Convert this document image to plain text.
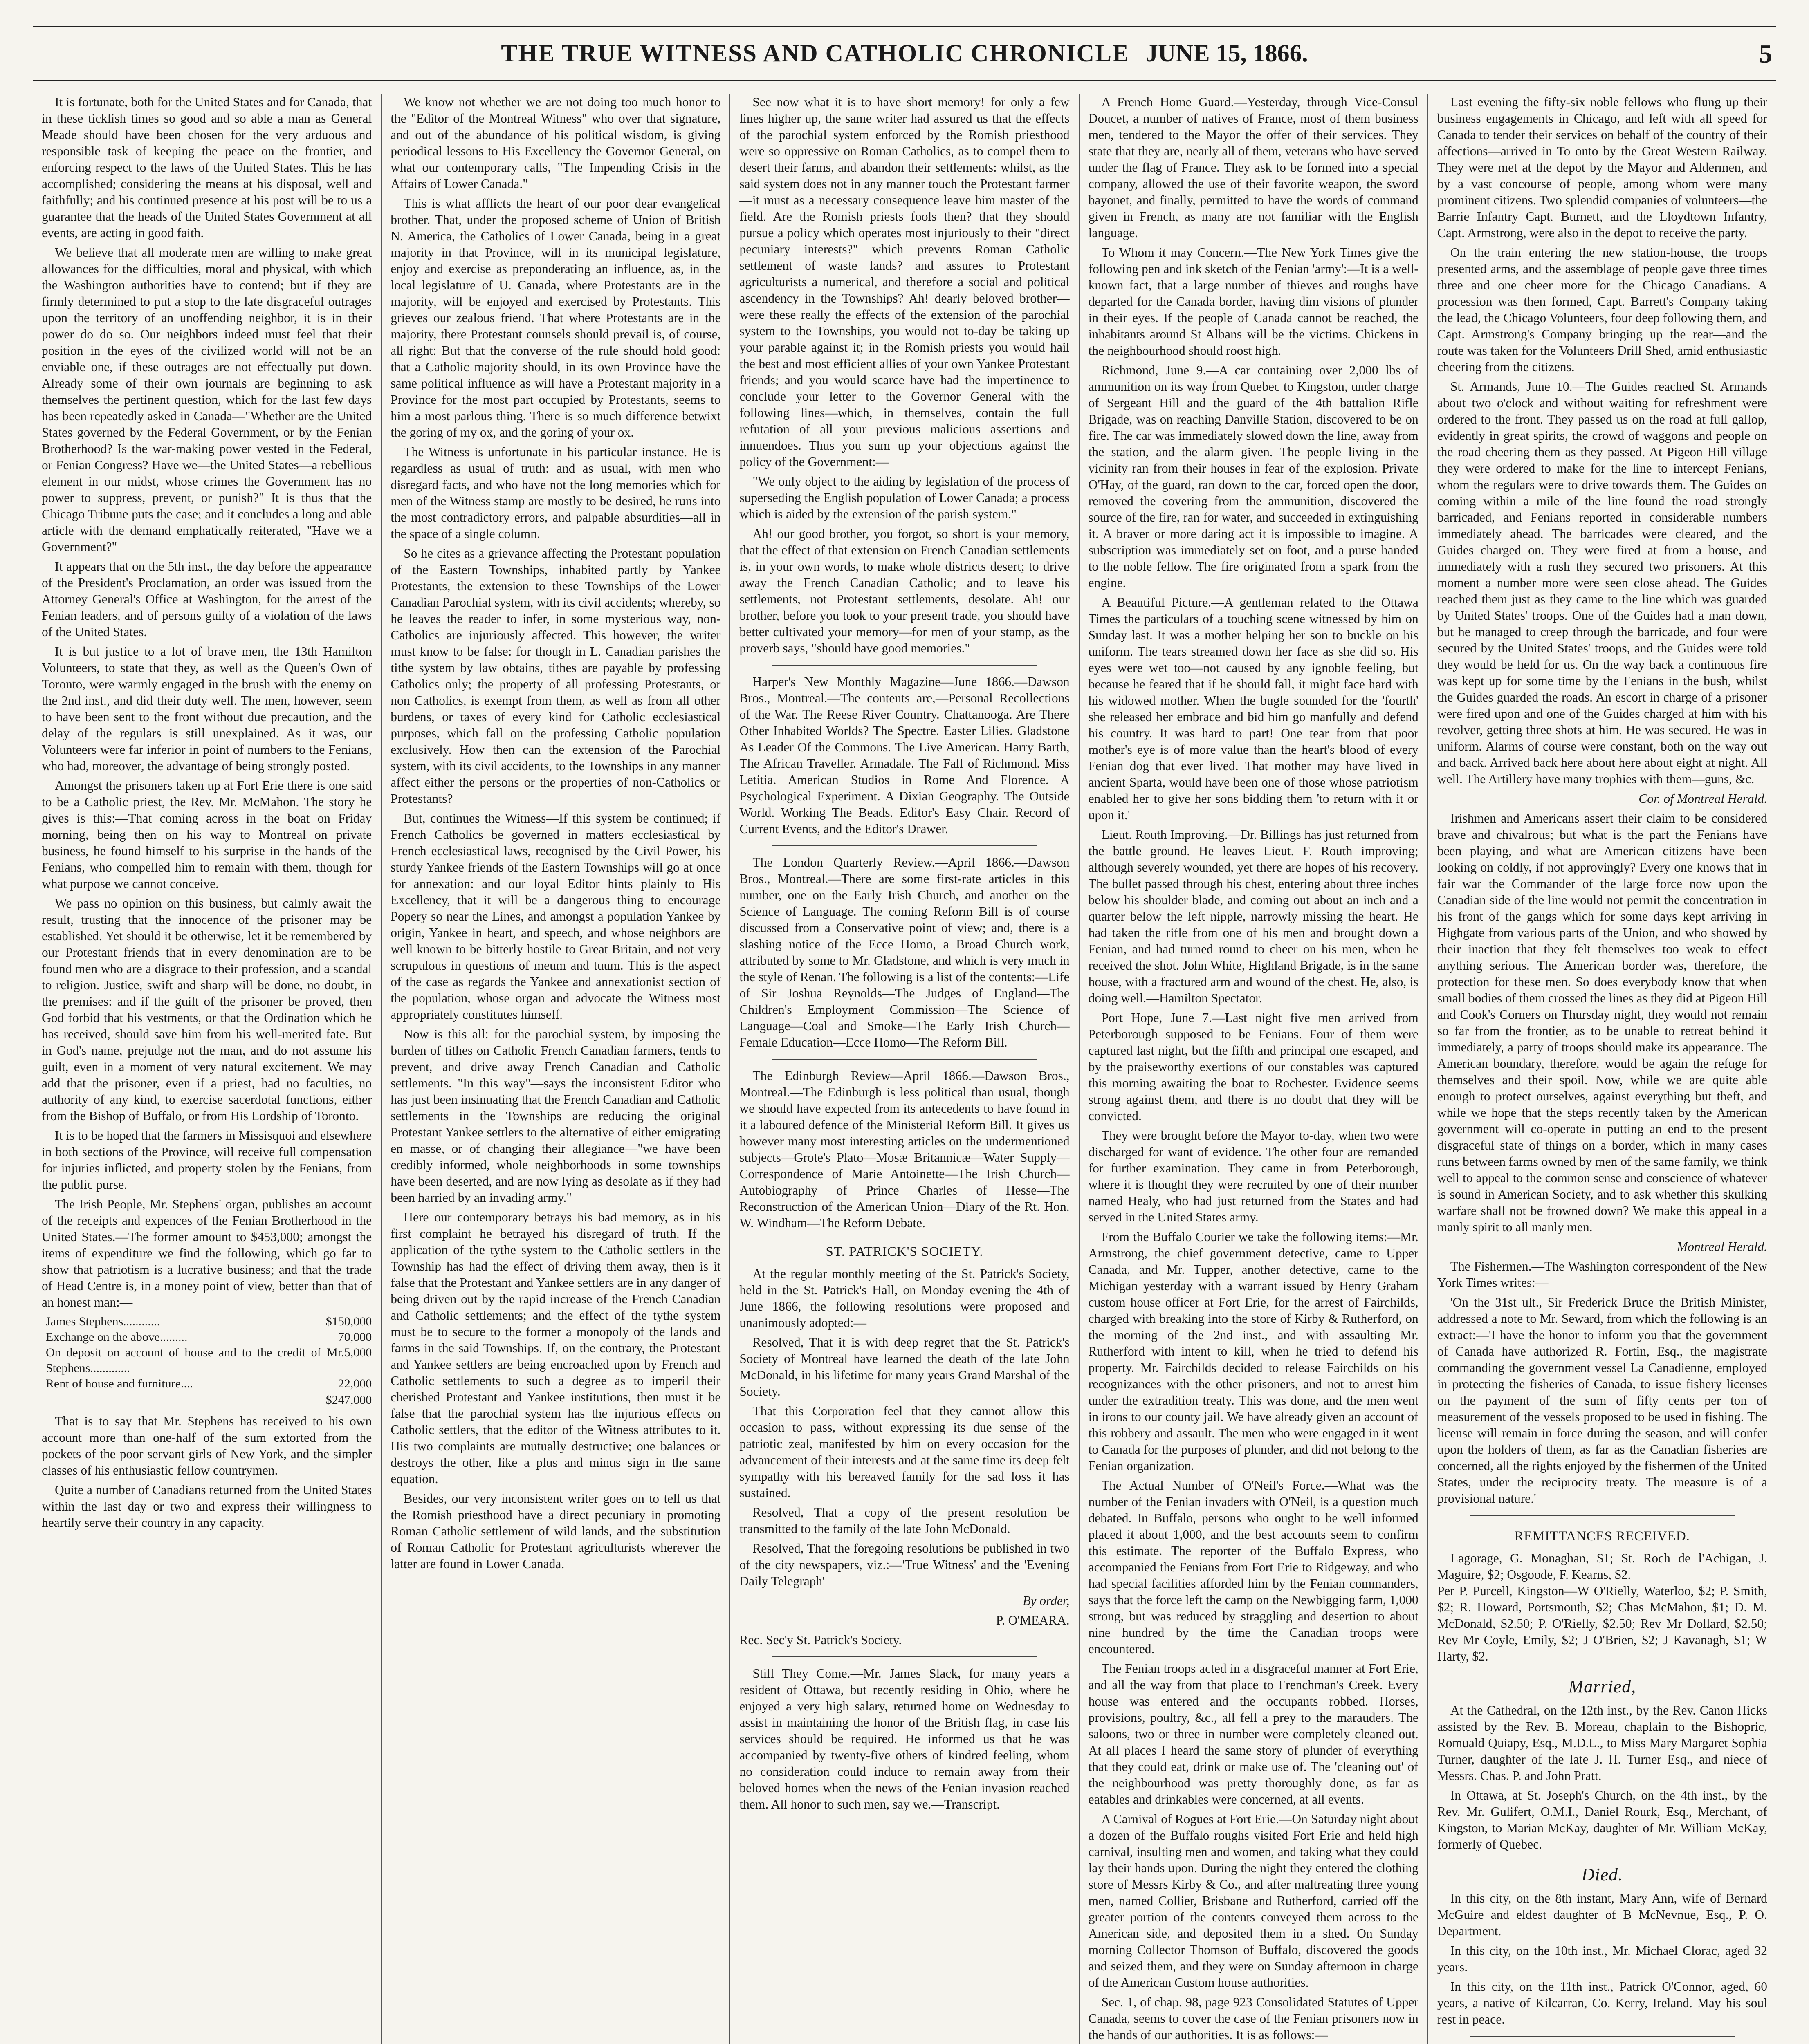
THE TRUE WITNESS AND CATHOLIC CHRONICLE JUNE 15, 1866.	5

It is fortunate, both for the United States and for Canada, that in these ticklish times so good and so able a man as General Meade should have been chosen for the very arduous and responsible task of keeping the peace on the frontier, and enforcing respect to the laws of the United States. This he has accomplished; considering the means at his disposal, well and faithfully; and his continued presence at his post will be to us a guarantee that the heads of the United States Government at all events, are acting in good faith.

We believe that all moderate men are willing to make great allowances for the difficulties, moral and physical, with which the Washington authorities have to contend; but if they are firmly determined to put a stop to the late disgraceful outrages upon the territory of an unoffending neighbor, it is in their power do do so. Our neighbors indeed must feel that their position in the eyes of the civilized world will not be an enviable one, if these outrages are not effectually put down. Already some of their own journals are beginning to ask themselves the pertinent question, which for the last few days has been repeatedly asked in Canada—"Whether are the United States governed by the Federal Government, or by the Fenian Brotherhood? Is the war-making power vested in the Federal, or Fenian Congress? Have we—the United States—a rebellious element in our midst, whose crimes the Government has no power to suppress, prevent, or punish?" It is thus that the Chicago Tribune puts the case; and it concludes a long and able article with the demand emphatically reiterated, "Have we a Government?"

It appears that on the 5th inst., the day before the appearance of the President's Proclamation, an order was issued from the Attorney General's Office at Washington, for the arrest of the Fenian leaders, and of persons guilty of a violation of the laws of the United States.

It is but justice to a lot of brave men, the 13th Hamilton Volunteers, to state that they, as well as the Queen's Own of Toronto, were warmly engaged in the brush with the enemy on the 2nd inst., and did their duty well. The men, however, seem to have been sent to the front without due precaution, and the delay of the regulars is still unexplained. As it was, our Volunteers were far inferior in point of numbers to the Fenians, who had, moreover, the advantage of being strongly posted.

Amongst the prisoners taken up at Fort Erie there is one said to be a Catholic priest, the Rev. Mr. McMahon. The story he gives is this:—That coming across in the boat on Friday morning, being then on his way to Montreal on private business, he found himself to his surprise in the hands of the Fenians, who compelled him to remain with them, though for what purpose we cannot conceive.

We pass no opinion on this business, but calmly await the result, trusting that the innocence of the prisoner may be established. Yet should it be otherwise, let it be remembered by our Protestant friends that in every denomination are to be found men who are a disgrace to their profession, and a scandal to religion. Justice, swift and sharp will be done, no doubt, in the premises: and if the guilt of the prisoner be proved, then God forbid that his vestments, or that the Ordination which he has received, should save him from his well-merited fate. But in God's name, prejudge not the man, and do not assume his guilt, even in a moment of very natural excitement. We may add that the prisoner, even if a priest, had no faculties, no authority of any kind, to exercise sacerdotal functions, either from the Bishop of Buffalo, or from His Lordship of Toronto.

It is to be hoped that the farmers in Missisquoi and elsewhere in both sections of the Province, will receive full compensation for injuries inflicted, and property stolen by the Fenians, from the public purse.

The Irish People, Mr. Stephens' organ, publishes an account of the receipts and expences of the Fenian Brotherhood in the United States.—The former amount to $453,000; amongst the items of expenditure we find the following, which go far to show that patriotism is a lucrative business; and that the trade of Head Centre is, in a money point of view, better than that of an honest man:—

James Stephens............	$150,000
Exchange on the above.........	70,000
On deposit on account of house and to the credit of Mr. Stephens.............
5,000
Rent of house and furniture....	22,000
$247,000

That is to say that Mr. Stephens has received to his own account more than one-half of the sum extorted from the pockets of the poor servant girls of New York, and the simpler classes of his enthusiastic fellow countrymen.

Quite a number of Canadians returned from the United States within the last day or two and express their willingness to heartily serve their country in any capacity.

We know not whether we are not doing too much honor to the "Editor of the Montreal Witness" who over that signature, and out of the abundance of his political wisdom, is giving periodical lessons to His Excellency the Governor General, on what our contemporary calls, "The Impending Crisis in the Affairs of Lower Canada."

This is what afflicts the heart of our poor dear evangelical brother. That, under the proposed scheme of Union of British N. America, the Catholics of Lower Canada, being in a great majority in that Province, will in its municipal legislature, enjoy and exercise as preponderating an influence, as, in the local legislature of U. Canada, where Protestants are in the majority, will be enjoyed and exercised by Protestants. This grieves our zealous friend. That where Protestants are in the majority, there Protestant counsels should prevail is, of course, all right: But that the converse of the rule should hold good: that a Catholic majority should, in its own Province have the same political influence as will have a Protestant majority in a Province for the most part occupied by Protestants, seems to him a most parlous thing. There is so much difference betwixt the goring of my ox, and the goring of your ox.

The Witness is unfortunate in his particular instance. He is regardless as usual of truth: and as usual, with men who disregard facts, and who have not the long memories which for men of the Witness stamp are mostly to be desired, he runs into the most contradictory errors, and palpable absurdities—all in the space of a single column.

So he cites as a grievance affecting the Protestant population of the Eastern Townships, inhabited partly by Yankee Protestants, the extension to these Townships of the Lower Canadian Parochial system, with its civil accidents; whereby, so he leaves the reader to infer, in some mysterious way, non-Catholics are injuriously affected. This however, the writer must know to be false: for though in L. Canadian parishes the tithe system by law obtains, tithes are payable by professing Catholics only; the property of all professing Protestants, or non Catholics, is exempt from them, as well as from all other burdens, or taxes of every kind for Catholic ecclesiastical purposes, which fall on the professing Catholic population exclusively. How then can the extension of the Parochial system, with its civil accidents, to the Townships in any manner affect either the persons or the properties of non-Catholics or Protestants?

But, continues the Witness—If this system be continued; if French Catholics be governed in matters ecclesiastical by French ecclesiastical laws, recognised by the Civil Power, his sturdy Yankee friends of the Eastern Townships will go at once for annexation: and our loyal Editor hints plainly to His Excellency, that it will be a dangerous thing to encourage Popery so near the Lines, and amongst a population Yankee by origin, Yankee in heart, and speech, and whose neighbors are well known to be bitterly hostile to Great Britain, and not very scrupulous in questions of meum and tuum. This is the aspect of the case as regards the Yankee and annexationist section of the population, whose organ and advocate the Witness most appropriately constitutes himself.

Now is this all: for the parochial system, by imposing the burden of tithes on Catholic French Canadian farmers, tends to prevent, and drive away French Canadian and Catholic settlements. "In this way"—says the inconsistent Editor who has just been insinuating that the French Canadian and Catholic settlements in the Townships are reducing the original Protestant Yankee settlers to the alternative of either emigrating en masse, or of changing their allegiance—"we have been credibly informed, whole neighborhoods in some townships have been deserted, and are now lying as desolate as if they had been harried by an invading army."

Here our contemporary betrays his bad memory, as in his first complaint he betrayed his disregard of truth. If the application of the tythe system to the Catholic settlers in the Township has had the effect of driving them away, then is it false that the Protestant and Yankee settlers are in any danger of being driven out by the rapid increase of the French Canadian and Catholic settlements; and the effect of the tythe system must be to secure to the former a monopoly of the lands and farms in the said Townships. If, on the contrary, the Protestant and Yankee settlers are being encroached upon by French and Catholic settlements to such a degree as to imperil their cherished Protestant and Yankee institutions, then must it be false that the parochial system has the injurious effects on Catholic settlers, that the editor of the Witness attributes to it. His two complaints are mutually destructive; one balances or destroys the other, like a plus and minus sign in the same equation.

Besides, our very inconsistent writer goes on to tell us that the Romish priesthood have a direct pecuniary in promoting Roman Catholic settlement of wild lands, and the substitution of Roman Catholic for Protestant agriculturists wherever the latter are found in Lower Canada.

See now what it is to have short memory! for only a few lines higher up, the same writer had assured us that the effects of the parochial system enforced by the Romish priesthood were so oppressive on Roman Catholics, as to compel them to desert their farms, and abandon their settlements: whilst, as the said system does not in any manner touch the Protestant farmer—it must as a necessary consequence leave him master of the field. Are the Romish priests fools then? that they should pursue a policy which operates most injuriously to their "direct pecuniary interests?" which prevents Roman Catholic settlement of waste lands? and assures to Protestant agriculturists a numerical, and therefore a social and political ascendency in the Townships? Ah! dearly beloved brother—were these really the effects of the extension of the parochial system to the Townships, you would not to-day be taking up your parable against it; in the Romish priests you would hail the best and most efficient allies of your own Yankee Protestant friends; and you would scarce have had the impertinence to conclude your letter to the Governor General with the following lines—which, in themselves, contain the full refutation of all your previous malicious assertions and innuendoes. Thus you sum up your objections against the policy of the Government:—

"We only object to the aiding by legislation of the process of superseding the English population of Lower Canada; a process which is aided by the extension of the parish system."

Ah! our good brother, you forgot, so short is your memory, that the effect of that extension on French Canadian settlements is, in your own words, to make whole districts desert; to drive away the French Canadian Catholic; and to leave his settlements, not Protestant settlements, desolate. Ah! our brother, before you took to your present trade, you should have better cultivated your memory—for men of your stamp, as the proverb says, "should have good memories."

Harper's New Monthly Magazine—June 1866.—Dawson Bros., Montreal.—The contents are,—Personal Recollections of the War. The Reese River Country. Chattanooga. Are There Other Inhabited Worlds? The Spectre. Easter Lilies. Gladstone As Leader Of the Commons. The Live American. Harry Barth, The African Traveller. Armadale. The Fall of Richmond. Miss Letitia. American Studios in Rome And Florence. A Psychological Experiment. A Dixian Geography. The Outside World. Working The Beads. Editor's Easy Chair. Record of Current Events, and the Editor's Drawer.

The London Quarterly Review.—April 1866.—Dawson Bros., Montreal.—There are some first-rate articles in this number, one on the Early Irish Church, and another on the Science of Language. The coming Reform Bill is of course discussed from a Conservative point of view; and, there is a slashing notice of the Ecce Homo, a Broad Church work, attributed by some to Mr. Gladstone, and which is very much in the style of Renan. The following is a list of the contents:—Life of Sir Joshua Reynolds—The Judges of England—The Children's Employment Commission—The Science of Language—Coal and Smoke—The Early Irish Church—Female Education—Ecce Homo—The Reform Bill.

The Edinburgh Review—April 1866.—Dawson Bros., Montreal.—The Edinburgh is less political than usual, though we should have expected from its antecedents to have found in it a laboured defence of the Ministerial Reform Bill. It gives us however many most interesting articles on the undermentioned subjects—Grote's Plato—Mosæ Britannicæ—Water Supply—Correspondence of Marie Antoinette—The Irish Church—Autobiography of Prince Charles of Hesse—The Reconstruction of the American Union—Diary of the Rt. Hon. W. Windham—The Reform Debate.

ST. PATRICK'S SOCIETY.

At the regular monthly meeting of the St. Patrick's Society, held in the St. Patrick's Hall, on Monday evening the 4th of June 1866, the following resolutions were proposed and unanimously adopted:—

Resolved, That it is with deep regret that the St. Patrick's Society of Montreal have learned the death of the late John McDonald, in his lifetime for many years Grand Marshal of the Society.

That this Corporation feel that they cannot allow this occasion to pass, without expressing its due sense of the patriotic zeal, manifested by him on every occasion for the advancement of their interests and at the same time its deep felt sympathy with his bereaved family for the sad loss it has sustained.

Resolved, That a copy of the present resolution be transmitted to the family of the late John McDonald.

Resolved, That the foregoing resolutions be published in two of the city newspapers, viz.:—'True Witness' and the 'Evening Daily Telegraph'

By order,

P. O'MEARA.

Rec. Sec'y St. Patrick's Society.

Still They Come.—Mr. James Slack, for many years a resident of Ottawa, but recently residing in Ohio, where he enjoyed a very high salary, returned home on Wednesday to assist in maintaining the honor of the British flag, in case his services should be required. He informed us that he was accompanied by twenty-five others of kindred feeling, whom no consideration could induce to remain away from their beloved homes when the news of the Fenian invasion reached them. All honor to such men, say we.—Transcript.

A French Home Guard.—Yesterday, through Vice-Consul Doucet, a number of natives of France, most of them business men, tendered to the Mayor the offer of their services. They state that they are, nearly all of them, veterans who have served under the flag of France. They ask to be formed into a special company, allowed the use of their favorite weapon, the sword bayonet, and finally, permitted to have the words of command given in French, as many are not familiar with the English language.

To Whom it may Concern.—The New York Times give the following pen and ink sketch of the Fenian 'army':—It is a well-known fact, that a large number of thieves and roughs have departed for the Canada border, having dim visions of plunder in their eyes. If the people of Canada cannot be reached, the inhabitants around St Albans will be the victims. Chickens in the neighbourhood should roost high.

Richmond, June 9.—A car containing over 2,000 lbs of ammunition on its way from Quebec to Kingston, under charge of Sergeant Hill and the guard of the 4th battalion Rifle Brigade, was on reaching Danville Station, discovered to be on fire. The car was immediately slowed down the line, away from the station, and the alarm given. The people living in the vicinity ran from their houses in fear of the explosion. Private O'Hay, of the guard, ran down to the car, forced open the door, removed the covering from the ammunition, discovered the source of the fire, ran for water, and succeeded in extinguishing it. A braver or more daring act it is impossible to imagine. A subscription was immediately set on foot, and a purse handed to the noble fellow. The fire originated from a spark from the engine.

A Beautiful Picture.—A gentleman related to the Ottawa Times the particulars of a touching scene witnessed by him on Sunday last. It was a mother helping her son to buckle on his uniform. The tears streamed down her face as she did so. His eyes were wet too—not caused by any ignoble feeling, but because he feared that if he should fall, it might face hard with his widowed mother. When the bugle sounded for the 'fourth' she released her embrace and bid him go manfully and defend his country. It was hard to part! One tear from that poor mother's eye is of more value than the heart's blood of every Fenian dog that ever lived. That mother may have lived in ancient Sparta, would have been one of those whose patriotism enabled her to give her sons bidding them 'to return with it or upon it.'

Lieut. Routh Improving.—Dr. Billings has just returned from the battle ground. He leaves Lieut. F. Routh improving; although severely wounded, yet there are hopes of his recovery. The bullet passed through his chest, entering about three inches below his shoulder blade, and coming out about an inch and a quarter below the left nipple, narrowly missing the heart. He had taken the rifle from one of his men and brought down a Fenian, and had turned round to cheer on his men, when he received the shot. John White, Highland Brigade, is in the same house, with a fractured arm and wound of the chest. He, also, is doing well.—Hamilton Spectator.

Port Hope, June 7.—Last night five men arrived from Peterborough supposed to be Fenians. Four of them were captured last night, but the fifth and principal one escaped, and by the praiseworthy exertions of our constables was captured this morning awaiting the boat to Rochester. Evidence seems strong against them, and there is no doubt that they will be convicted.

They were brought before the Mayor to-day, when two were discharged for want of evidence. The other four are remanded for further examination. They came in from Peterborough, where it is thought they were recruited by one of their number named Healy, who had just returned from the States and had served in the United States army.

From the Buffalo Courier we take the following items:—Mr. Armstrong, the chief government detective, came to Upper Canada, and Mr. Tupper, another detective, came to the Michigan yesterday with a warrant issued by Henry Graham custom house officer at Fort Erie, for the arrest of Fairchilds, charged with breaking into the store of Kirby & Rutherford, on the morning of the 2nd inst., and with assaulting Mr. Rutherford with intent to kill, when he tried to defend his property. Mr. Fairchilds decided to release Fairchilds on his recognizances with the other prisoners, and not to arrest him under the extradition treaty. This was done, and the men went in irons to our county jail. We have already given an account of this robbery and assault. The men who were engaged in it went to Canada for the purposes of plunder, and did not belong to the Fenian organization.

The Actual Number of O'Neil's Force.—What was the number of the Fenian invaders with O'Neil, is a question much debated. In Buffalo, persons who ought to be well informed placed it about 1,000, and the best accounts seem to confirm this estimate. The reporter of the Buffalo Express, who accompanied the Fenians from Fort Erie to Ridgeway, and who had special facilities afforded him by the Fenian commanders, says that the force left the camp on the Newbigging farm, 1,000 strong, but was reduced by straggling and desertion to about nine hundred by the time the Canadian troops were encountered.

The Fenian troops acted in a disgraceful manner at Fort Erie, and all the way from that place to Frenchman's Creek. Every house was entered and the occupants robbed. Horses, provisions, poultry, &c., all fell a prey to the marauders. The saloons, two or three in number were completely cleaned out. At all places I heard the same story of plunder of everything that they could eat, drink or make use of. The 'cleaning out' of the neighbourhood was pretty thoroughly done, as far as eatables and drinkables were concerned, at all events.

A Carnival of Rogues at Fort Erie.—On Saturday night about a dozen of the Buffalo roughs visited Fort Erie and held high carnival, insulting men and women, and taking what they could lay their hands upon. During the night they entered the clothing store of Messrs Kirby & Co., and after maltreating three young men, named Collier, Brisbane and Rutherford, carried off the greater portion of the contents conveyed them across to the American side, and deposited them in a shed. On Sunday morning Collector Thomson of Buffalo, discovered the goods and seized them, and they were on Sunday afternoon in charge of the American Custom house authorities.

Sec. 1, of chap. 98, page 923 Consolidated Statutes of Upper Canada, seems to cover the case of the Fenian prisoners now in the hands of our authorities. It is as follows:—

Last evening the fifty-six noble fellows who flung up their business engagements in Chicago, and left with all speed for Canada to tender their services on behalf of the country of their affections—arrived in To onto by the Great Western Railway. They were met at the depot by the Mayor and Aldermen, and by a vast concourse of people, among whom were many prominent citizens. Two splendid companies of volunteers—the Barrie Infantry Capt. Burnett, and the Lloydtown Infantry, Capt. Armstrong, were also in the depot to receive the party.

On the train entering the new station-house, the troops presented arms, and the assemblage of people gave three times three and one cheer more for the Chicago Canadians. A procession was then formed, Capt. Barrett's Company taking the lead, the Chicago Volunteers, four deep following them, and Capt. Armstrong's Company bringing up the rear—and the route was taken for the Volunteers Drill Shed, amid enthusiastic cheering from the citizens.

St. Armands, June 10.—The Guides reached St. Armands about two o'clock and without waiting for refreshment were ordered to the front. They passed us on the road at full gallop, evidently in great spirits, the crowd of waggons and people on the road cheering them as they passed. At Pigeon Hill village they were ordered to make for the line to intercept Fenians, whom the regulars were to drive towards them. The Guides on coming within a mile of the line found the road strongly barricaded, and Fenians reported in considerable numbers immediately ahead. The barricades were cleared, and the Guides charged on. They were fired at from a house, and immediately with a rush they secured two prisoners. At this moment a number more were seen close ahead. The Guides reached them just as they came to the line which was guarded by United States' troops. One of the Guides had a man down, but he managed to creep through the barricade, and four were secured by the United States' troops, and the Guides were told they would be held for us. On the way back a continuous fire was kept up for some time by the Fenians in the bush, whilst the Guides guarded the roads. An escort in charge of a prisoner were fired upon and one of the Guides charged at him with his revolver, getting three shots at him. He was secured. He was in uniform. Alarms of course were constant, both on the way out and back. Arrived back here about here about eight at night. All well. The Artillery have many trophies with them—guns, &c.

Cor. of Montreal Herald.

Irishmen and Americans assert their claim to be considered brave and chivalrous; but what is the part the Fenians have been playing, and what are American citizens have been looking on coldly, if not approvingly? Every one knows that in fair war the Commander of the large force now upon the Canadian side of the line would not permit the concentration in his front of the gangs which for some days kept arriving in Highgate from various parts of the Union, and who showed by their inaction that they felt themselves too weak to effect anything serious. The American border was, therefore, the protection for these men. So does everybody know that when small bodies of them crossed the lines as they did at Pigeon Hill and Cook's Corners on Thursday night, they would not remain so far from the frontier, as to be unable to retreat behind it immediately, a party of troops should make its appearance. The American boundary, therefore, would be again the refuge for themselves and their spoil. Now, while we are quite able enough to protect ourselves, against everything but theft, and while we hope that the steps recently taken by the American government will co-operate in putting an end to the present disgraceful state of things on a border, which in many cases runs between farms owned by men of the same family, we think well to appeal to the common sense and conscience of whatever is sound in American Society, and to ask whether this skulking warfare shall not be frowned down? We make this appeal in a manly spirit to all manly men.

Montreal Herald.

The Fishermen.—The Washington correspondent of the New York Times writes:—

'On the 31st ult., Sir Frederick Bruce the British Minister, addressed a note to Mr. Seward, from which the following is an extract:—'I have the honor to inform you that the government of Canada have authorized R. Fortin, Esq., the magistrate commanding the government vessel La Canadienne, employed in protecting the fisheries of Canada, to issue fishery licenses on the payment of the sum of fifty cents per ton of measurement of the vessels proposed to be used in fishing. The license will remain in force during the season, and will confer upon the holders of them, as far as the Canadian fisheries are concerned, all the rights enjoyed by the fishermen of the United States, under the reciprocity treaty. The measure is of a provisional nature.'

REMITTANCES RECEIVED.

Lagorage, G. Monaghan, $1; St. Roch de l'Achigan, J. Maguire, $2; Osgoode, F. Kearns, $2.
Per P. Purcell, Kingston—W O'Rielly, Waterloo, $2; P. Smith, $2; R. Howard, Portsmouth, $2; Chas McMahon, $1; D. M. McDonald, $2.50; P. O'Rielly, $2.50; Rev Mr Dollard, $2.50; Rev Mr Coyle, Emily, $2; J O'Brien, $2; J Kavanagh, $1; W Harty, $2.

Married,

At the Cathedral, on the 12th inst., by the Rev. Canon Hicks assisted by the Rev. B. Moreau, chaplain to the Bishopric, Romuald Quiapy, Esq., M.D.L., to Miss Mary Margaret Sophia Turner, daughter of the late J. H. Turner Esq., and niece of Messrs. Chas. P. and John Pratt.

In Ottawa, at St. Joseph's Church, on the 4th inst., by the Rev. Mr. Gulifert, O.M.I., Daniel Rourk, Esq., Merchant, of Kingston, to Marian McKay, daughter of Mr. William McKay, formerly of Quebec.

Died.

In this city, on the 8th instant, Mary Ann, wife of Bernard McGuire and eldest daughter of B McNevnue, Esq., P. O. Department.

In this city, on the 10th inst., Mr. Michael Clorac, aged 32 years.

In this city, on the 11th inst., Patrick O'Connor, aged, 60 years, a native of Kilcarran, Co. Kerry, Ireland. May his soul rest in peace.
